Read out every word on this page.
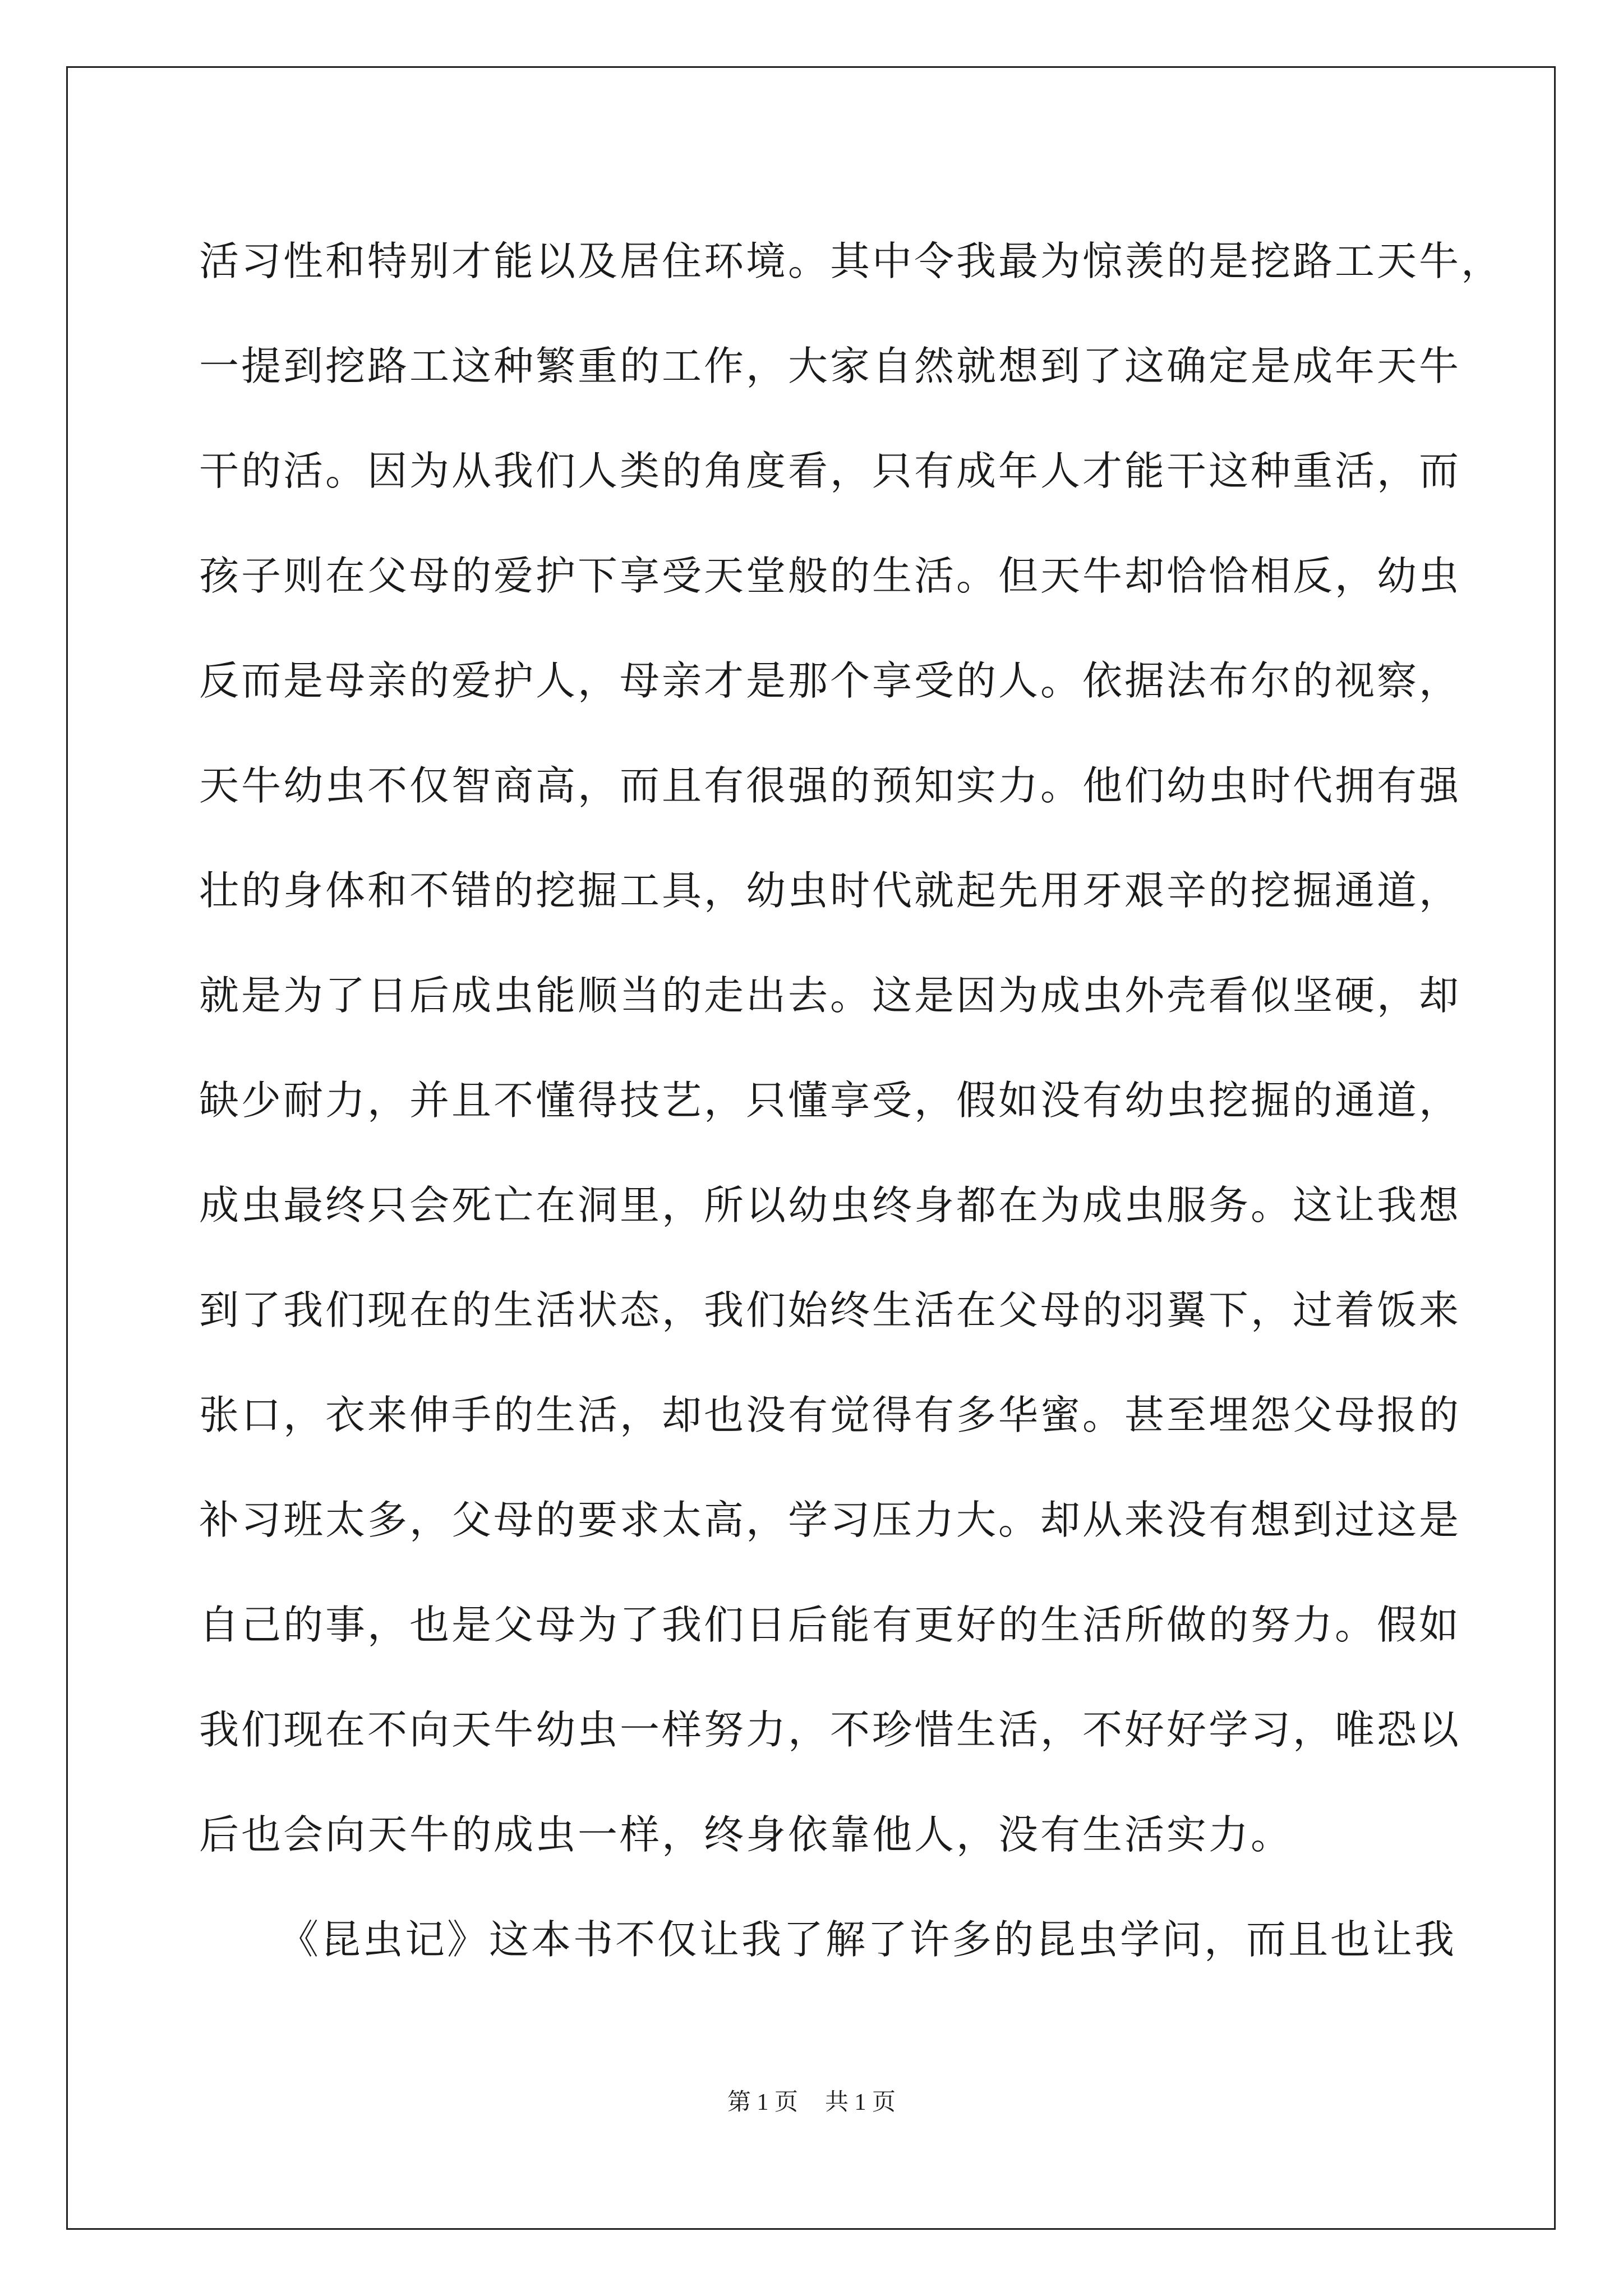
活习性和特别才能以及居住环境。其中令我最为惊羡的是挖路工天牛，
一提到挖路工这种繁重的工作，大家自然就想到了这确定是成年天牛
干的活。因为从我们人类的角度看，只有成年人才能干这种重活，而
孩子则在父母的爱护下享受天堂般的生活。但天牛却恰恰相反，幼虫
反而是母亲的爱护人，母亲才是那个享受的人。依据法布尔的视察，
天牛幼虫不仅智商高，而且有很强的预知实力。他们幼虫时代拥有强
壮的身体和不错的挖掘工具，幼虫时代就起先用牙艰辛的挖掘通道，
就是为了日后成虫能顺当的走出去。这是因为成虫外壳看似坚硬，却
缺少耐力，并且不懂得技艺，只懂享受，假如没有幼虫挖掘的通道，
成虫最终只会死亡在洞里，所以幼虫终身都在为成虫服务。这让我想
到了我们现在的生活状态，我们始终生活在父母的羽翼下，过着饭来
张口，衣来伸手的生活，却也没有觉得有多华蜜。甚至埋怨父母报的
补习班太多，父母的要求太高，学习压力大。却从来没有想到过这是
自己的事，也是父母为了我们日后能有更好的生活所做的努力。假如
我们现在不向天牛幼虫一样努力，不珍惜生活，不好好学习，唯恐以
后也会向天牛的成虫一样，终身依靠他人，没有生活实力。
《昆虫记》这本书不仅让我了解了许多的昆虫学问，而且也让我
第 1 页 共 1 页
